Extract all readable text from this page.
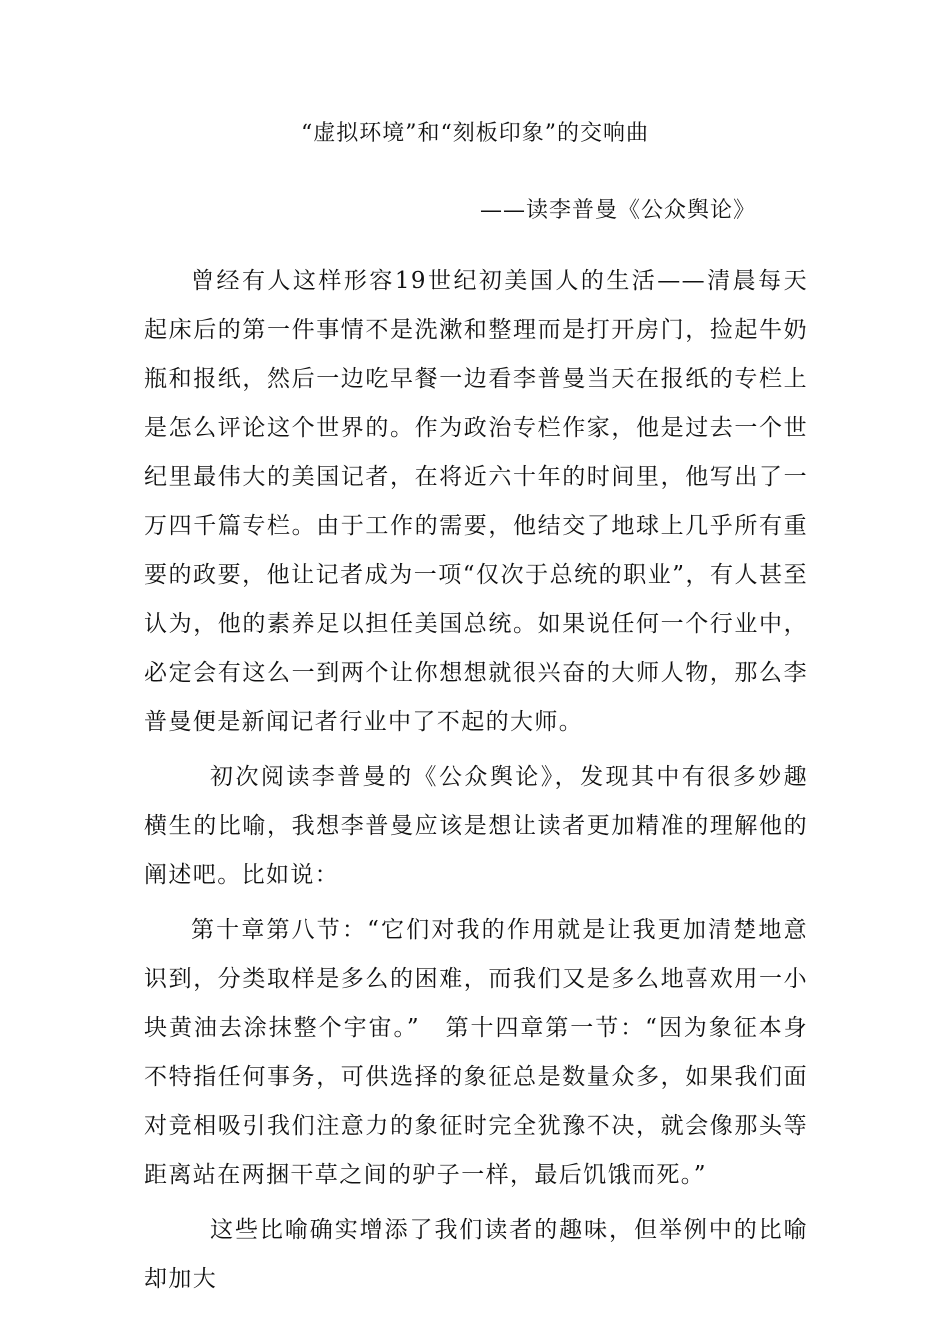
“虚拟环境”和“刻板印象”的交响曲
——读李普曼《公众舆论》

曾经有人这样形容19世纪初美国人的生活——清晨每天起床后的第一件事情不是洗漱和整理而是打开房门，捡起牛奶瓶和报纸，然后一边吃早餐一边看李普曼当天在报纸的专栏上是怎么评论这个世界的。作为政治专栏作家，他是过去一个世纪里最伟大的美国记者，在将近六十年的时间里，他写出了一万四千篇专栏。由于工作的需要，他结交了地球上几乎所有重要的政要，他让记者成为一项“仅次于总统的职业”，有人甚至认为，他的素养足以担任美国总统。如果说任何一个行业中，必定会有这么一到两个让你想想就很兴奋的大师人物，那么李普曼便是新闻记者行业中了不起的大师。

初次阅读李普曼的《公众舆论》，发现其中有很多妙趣横生的比喻，我想李普曼应该是想让读者更加精准的理解他的阐述吧。比如说：

第十章第八节：“它们对我的作用就是让我更加清楚地意识到，分类取样是多么的困难，而我们又是多么地喜欢用一小块黄油去涂抹整个宇宙。”　第十四章第一节：“因为象征本身不特指任何事务，可供选择的象征总是数量众多，如果我们面对竞相吸引我们注意力的象征时完全犹豫不决，就会像那头等距离站在两捆干草之间的驴子一样，最后饥饿而死。”

这些比喻确实增添了我们读者的趣味，但举例中的比喻却加大
